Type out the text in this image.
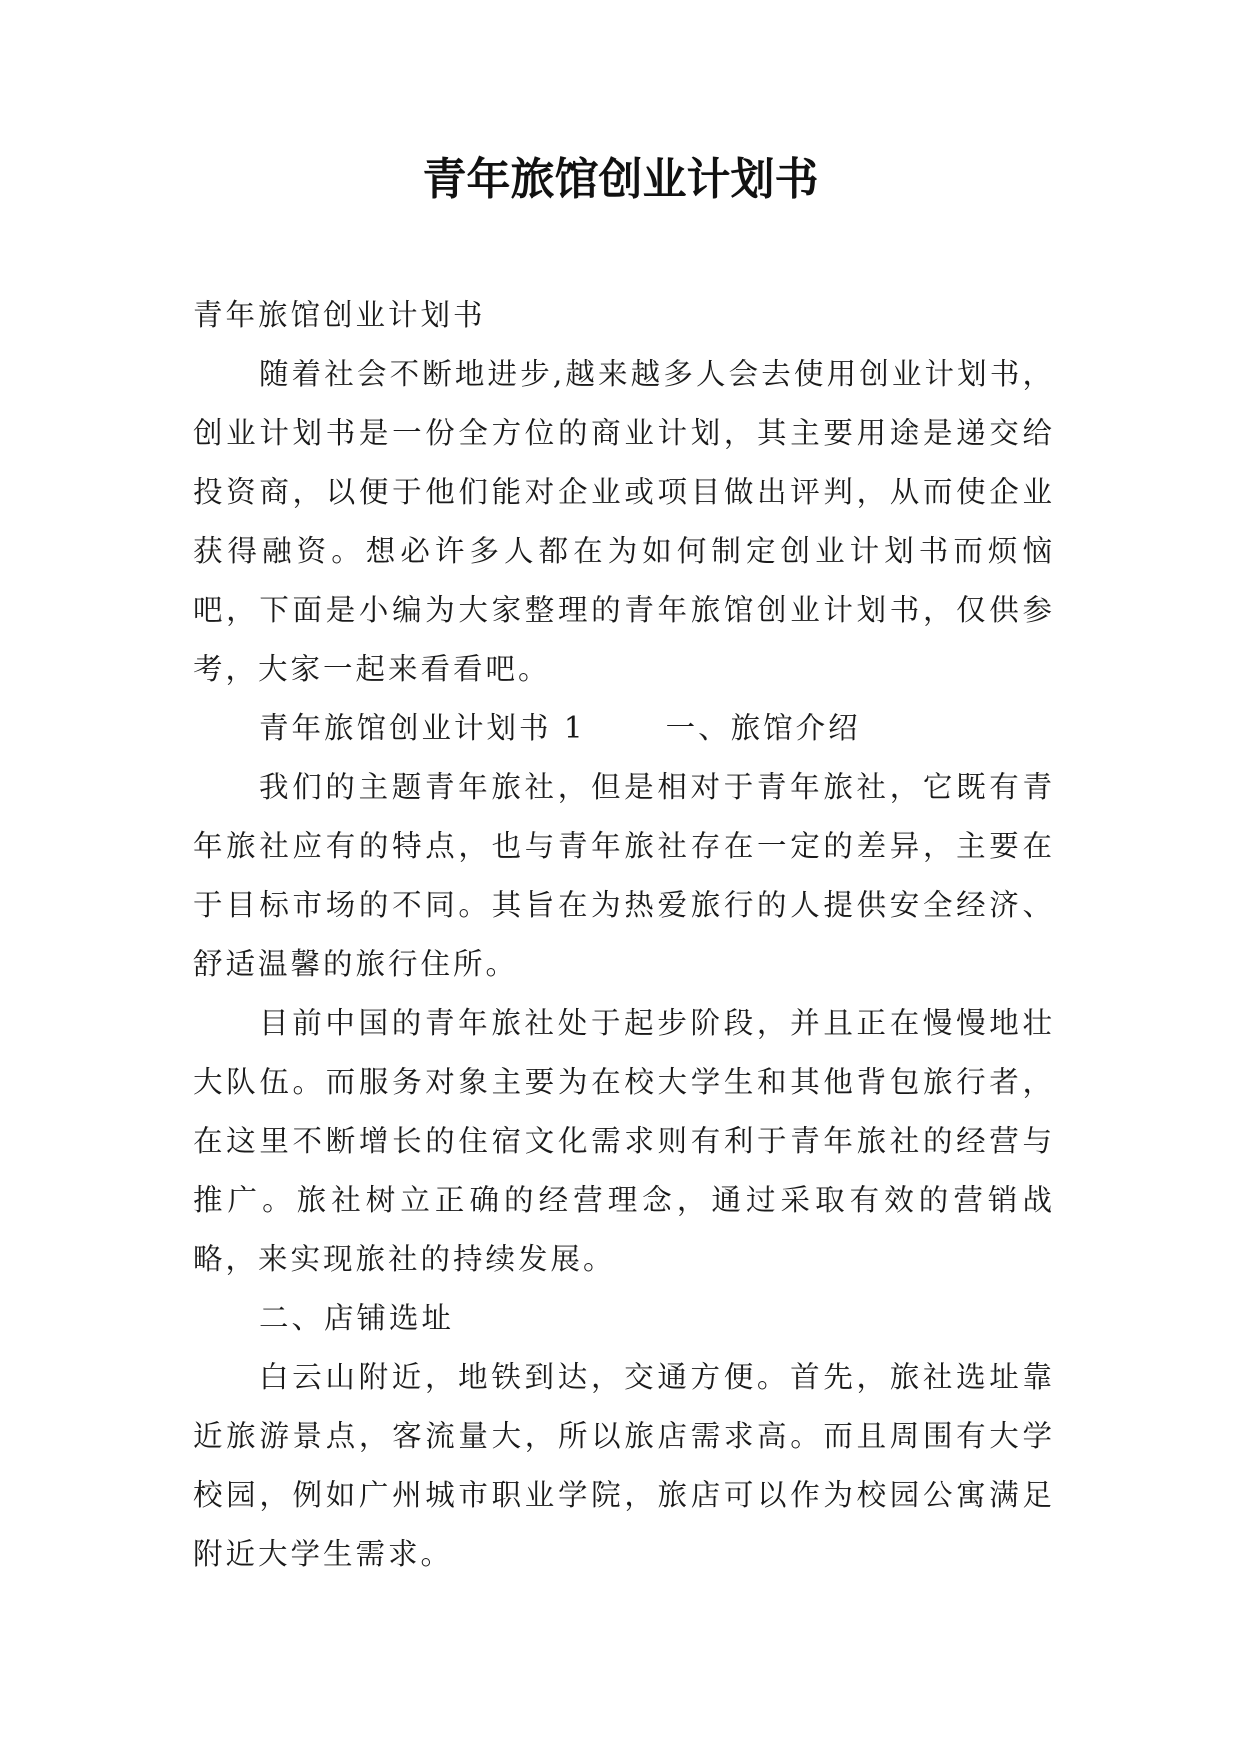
青年旅馆创业计划书

青年旅馆创业计划书

随着社会不断地进步,越来越多人会去使用创业计划书，创业计划书是一份全方位的商业计划，其主要用途是递交给投资商，以便于他们能对企业或项目做出评判，从而使企业获得融资。想必许多人都在为如何制定创业计划书而烦恼吧，下面是小编为大家整理的青年旅馆创业计划书，仅供参考，大家一起来看看吧。

青年旅馆创业计划书 1	一、旅馆介绍

我们的主题青年旅社，但是相对于青年旅社，它既有青年旅社应有的特点，也与青年旅社存在一定的差异，主要在于目标市场的不同。其旨在为热爱旅行的人提供安全经济、舒适温馨的旅行住所。

目前中国的青年旅社处于起步阶段，并且正在慢慢地壮大队伍。而服务对象主要为在校大学生和其他背包旅行者，在这里不断增长的住宿文化需求则有利于青年旅社的经营与推广。旅社树立正确的经营理念，通过采取有效的营销战略，来实现旅社的持续发展。

二、店铺选址

白云山附近，地铁到达，交通方便。首先，旅社选址靠近旅游景点，客流量大，所以旅店需求高。而且周围有大学校园，例如广州城市职业学院，旅店可以作为校园公寓满足附近大学生需求。
